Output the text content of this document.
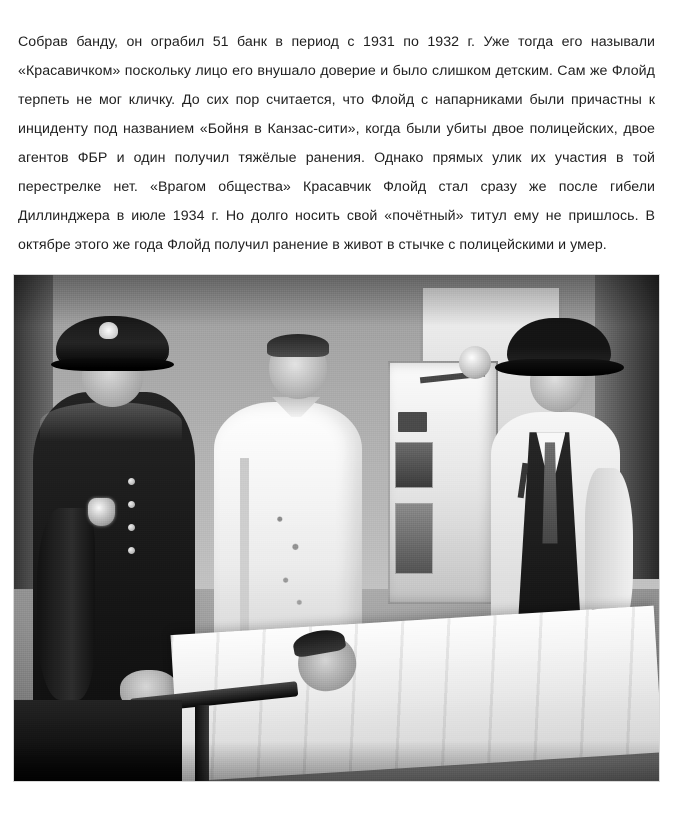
Собрав банду, он ограбил 51 банк в период с 1931 по 1932 г. Уже тогда его называли «Красавичком» поскольку лицо его внушало доверие и было слишком детским. Сам же Флойд терпеть не мог кличку. До сих пор считается, что Флойд с напарниками были причастны к инциденту под названием «Бойня в Канзас-сити», когда были убиты двое полицейских, двое агентов ФБР и один получил тяжёлые ранения. Однако прямых улик их участия в той перестрелке нет. «Врагом общества» Красавчик Флойд стал сразу же после гибели Диллинджера в июле 1934 г. Но долго носить свой «почётный» титул ему не пришлось. В октябре этого же года Флойд получил ранение в живот в стычке с полицейскими и умер.
